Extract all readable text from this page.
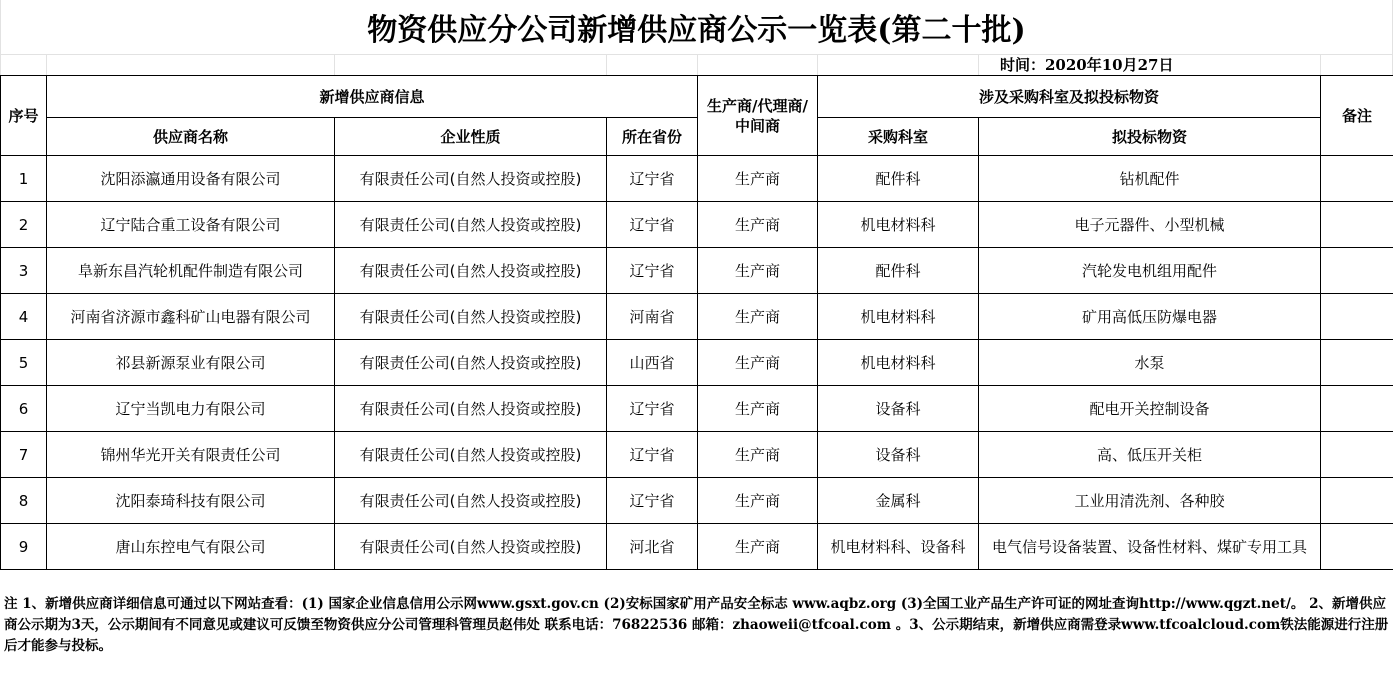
物资供应分公司新增供应商公示一览表(第二十批)
时间：2020年10月27日
序号	新增供应商信息			生产商/代理商/中间商	涉及采购科室及拟投标物资		备注
	供应商名称	企业性质	所在省份		采购科室	拟投标物资	
1	沈阳添瀛通用设备有限公司	有限责任公司(自然人投资或控股)	辽宁省	生产商	配件科	钻机配件	
2	辽宁陆合重工设备有限公司	有限责任公司(自然人投资或控股)	辽宁省	生产商	机电材料科	电子元器件、小型机械	
3	阜新东昌汽轮机配件制造有限公司	有限责任公司(自然人投资或控股)	辽宁省	生产商	配件科	汽轮发电机组用配件	
4	河南省济源市鑫科矿山电器有限公司	有限责任公司(自然人投资或控股)	河南省	生产商	机电材料科	矿用高低压防爆电器	
5	祁县新源泵业有限公司	有限责任公司(自然人投资或控股)	山西省	生产商	机电材料科	水泵	
6	辽宁当凯电力有限公司	有限责任公司(自然人投资或控股)	辽宁省	生产商	设备科	配电开关控制设备	
7	锦州华光开关有限责任公司	有限责任公司(自然人投资或控股)	辽宁省	生产商	设备科	高、低压开关柜	
8	沈阳泰琦科技有限公司	有限责任公司(自然人投资或控股)	辽宁省	生产商	金属科	工业用清洗剂、各种胶	
9	唐山东控电气有限公司	有限责任公司(自然人投资或控股)	河北省	生产商	机电材料科、设备科	电气信号设备装置、设备性材料、煤矿专用工具	
注 1、新增供应商详细信息可通过以下网站查看：(1) 国家企业信息信用公示网www.gsxt.gov.cn (2)安标国家矿用产品安全标志 www.aqbz.org (3)全国工业产品生产许可证的网址查询http://www.qgzt.net/。 2、新增供应商公示期为3天，公示期间有不同意见或建议可反馈至物资供应分公司管理科管理员赵伟处 联系电话：76822536 邮箱：zhaoweii@tfcoal.com 。3、公示期结束，新增供应商需登录www.tfcoalcloud.com铁法能源进行注册后才能参与投标。
